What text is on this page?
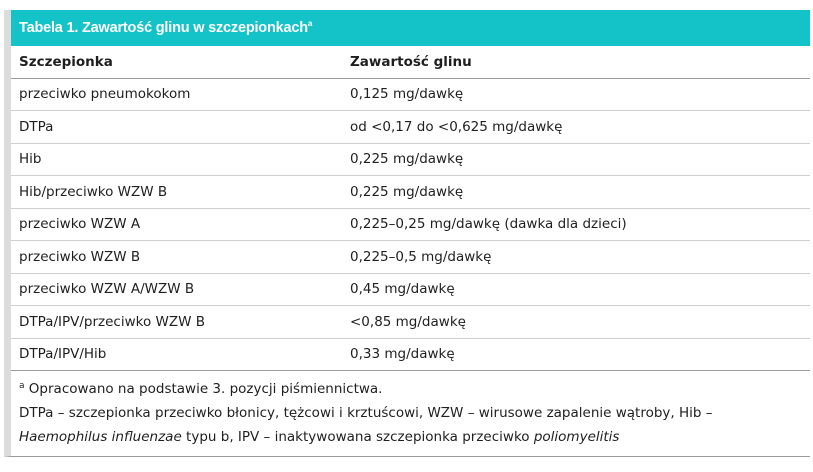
Tabela 1. Zawartość glinu w szczepionkach$^a$
Szczepionka	Zawartość glinu
przeciwko pneumokokom	0,125 mg/dawkę
DTPa	od <0,17 do <0,625 mg/dawkę
Hib	0,225 mg/dawkę
Hib/przeciwko WZW B	0,225 mg/dawkę
przeciwko WZW A	0,225–0,25 mg/dawkę (dawka dla dzieci)
przeciwko WZW B	0,225–0,5 mg/dawkę
przeciwko WZW A/WZW B	0,45 mg/dawkę
DTPa/IPV/przeciwko WZW B	<0,85 mg/dawkę
DTPa/IPV/Hib	0,33 mg/dawkę
$^a$ Opracowano na podstawie 3. pozycji piśmiennictwa.
DTPa – szczepionka przeciwko błonicy, tężcowi i krztuścowi, WZW – wirusowe zapalenie wątroby, Hib –
Haemophilus influenzae typu b, IPV – inaktywowana szczepionka przeciwko poliomyelitis
